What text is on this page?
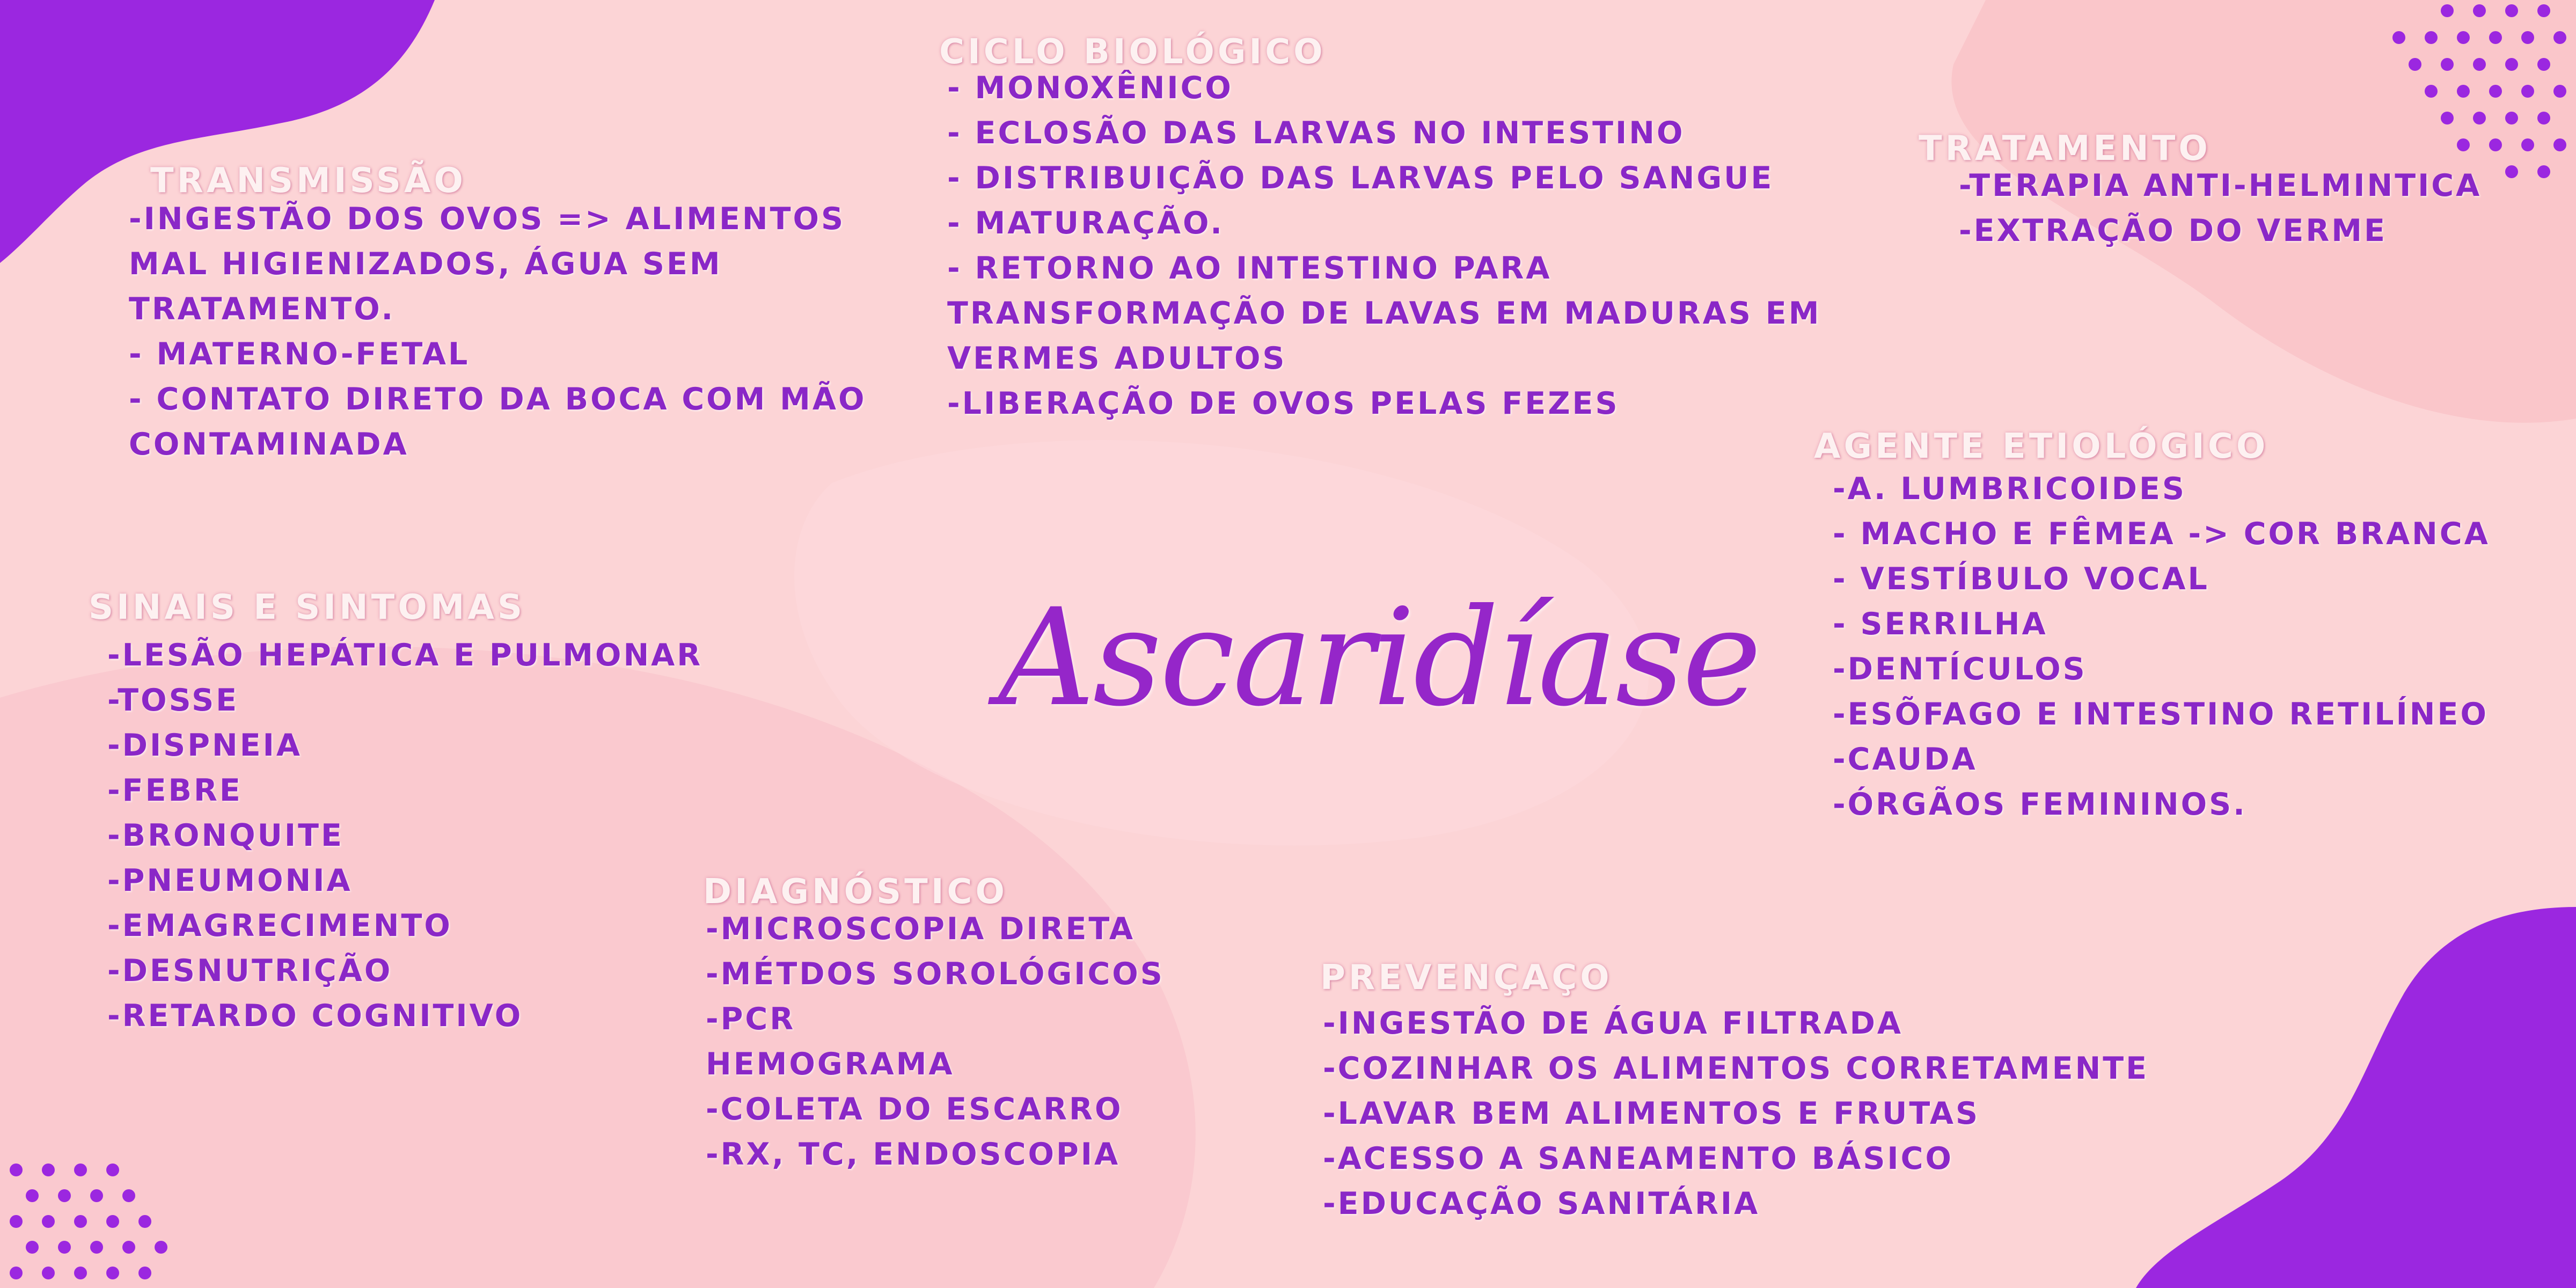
TRANSMISSÃO
-INGESTÃO DOS OVOS => ALIMENTOS
MAL HIGIENIZADOS, ÁGUA SEM
TRATAMENTO.
- MATERNO-FETAL
- CONTATO DIRETO DA BOCA COM MÃO
CONTAMINADA
CICLO BIOLÓGICO
- MONOXÊNICO
- ECLOSÃO DAS LARVAS NO INTESTINO
- DISTRIBUIÇÃO DAS LARVAS PELO SANGUE
- MATURAÇÃO.
- RETORNO AO INTESTINO PARA
TRANSFORMAÇÃO DE LAVAS EM MADURAS EM
VERMES ADULTOS
-LIBERAÇÃO DE OVOS PELAS FEZES
TRATAMENTO
-TERAPIA ANTI-HELMINTICA
-EXTRAÇÃO DO VERME
AGENTE ETIOLÓGICO
-A. LUMBRICOIDES
- MACHO E FÊMEA -> COR BRANCA
- VESTÍBULO VOCAL
- SERRILHA
-DENTÍCULOS
-ESÕFAGO E INTESTINO RETILÍNEO
-CAUDA
-ÓRGÃOS FEMININOS.
SINAIS E SINTOMAS
-LESÃO HEPÁTICA E PULMONAR
-TOSSE
-DISPNEIA
-FEBRE
-BRONQUITE
-PNEUMONIA
-EMAGRECIMENTO
-DESNUTRIÇÃO
-RETARDO COGNITIVO
DIAGNÓSTICO
-MICROSCOPIA DIRETA
-MÉTDOS SOROLÓGICOS
-PCR
HEMOGRAMA
-COLETA DO ESCARRO
-RX, TC, ENDOSCOPIA
PREVENÇAÇO
-INGESTÃO DE ÁGUA FILTRADA
-COZINHAR OS ALIMENTOS CORRETAMENTE
-LAVAR BEM ALIMENTOS E FRUTAS
-ACESSO A SANEAMENTO BÁSICO
-EDUCAÇÃO SANITÁRIA
Ascaridíase
